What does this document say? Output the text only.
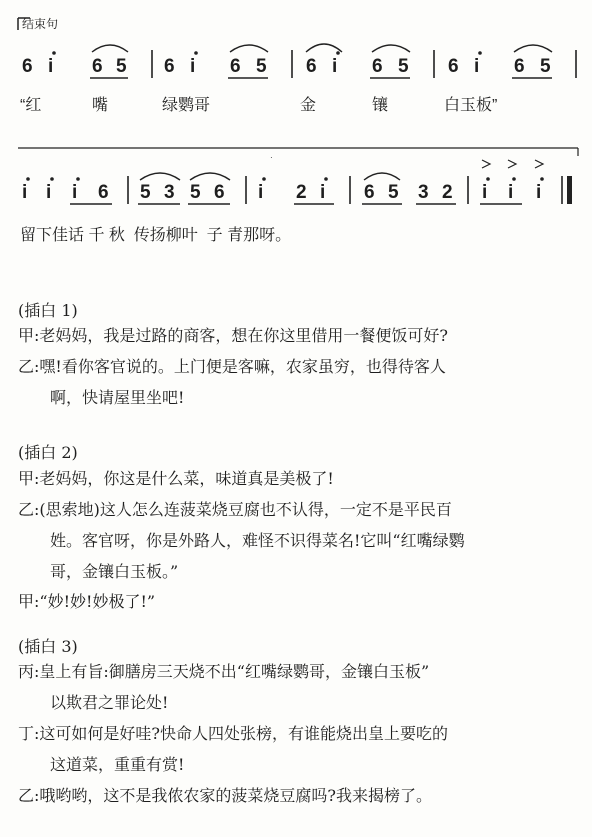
结束句
6 i 6 5 6 i 6 5 6 i 6 5 6 i 6 5
“红	嘴	绿鹦哥	金	镶	白玉板”
·
i i i 6 5 3 5 6 i 2 i 6 5 3 2 i i i
留下佳话 千 秋  传扬柳叶  子 青那呀。
(插白 1)
甲:老妈妈，我是过路的商客，想在你这里借用一餐便饭可好?
乙:嘿!看你客官说的。上门便是客嘛，农家虽穷，也得待客人
啊，快请屋里坐吧!
(插白 2)
甲:老妈妈，你这是什么菜，味道真是美极了!
乙:(思索地)这人怎么连菠菜烧豆腐也不认得，一定不是平民百
姓。客官呀，你是外路人，难怪不识得菜名!它叫“红嘴绿鹦
哥，金镶白玉板。”
甲:“妙!妙!妙极了!”
(插白 3)
丙:皇上有旨:御膳房三天烧不出“红嘴绿鹦哥，金镶白玉板”
以欺君之罪论处!
丁:这可如何是好哇?快命人四处张榜，有谁能烧出皇上要吃的
这道菜，重重有赏!
乙:哦哟哟，这不是我侬农家的菠菜烧豆腐吗?我来揭榜了。
